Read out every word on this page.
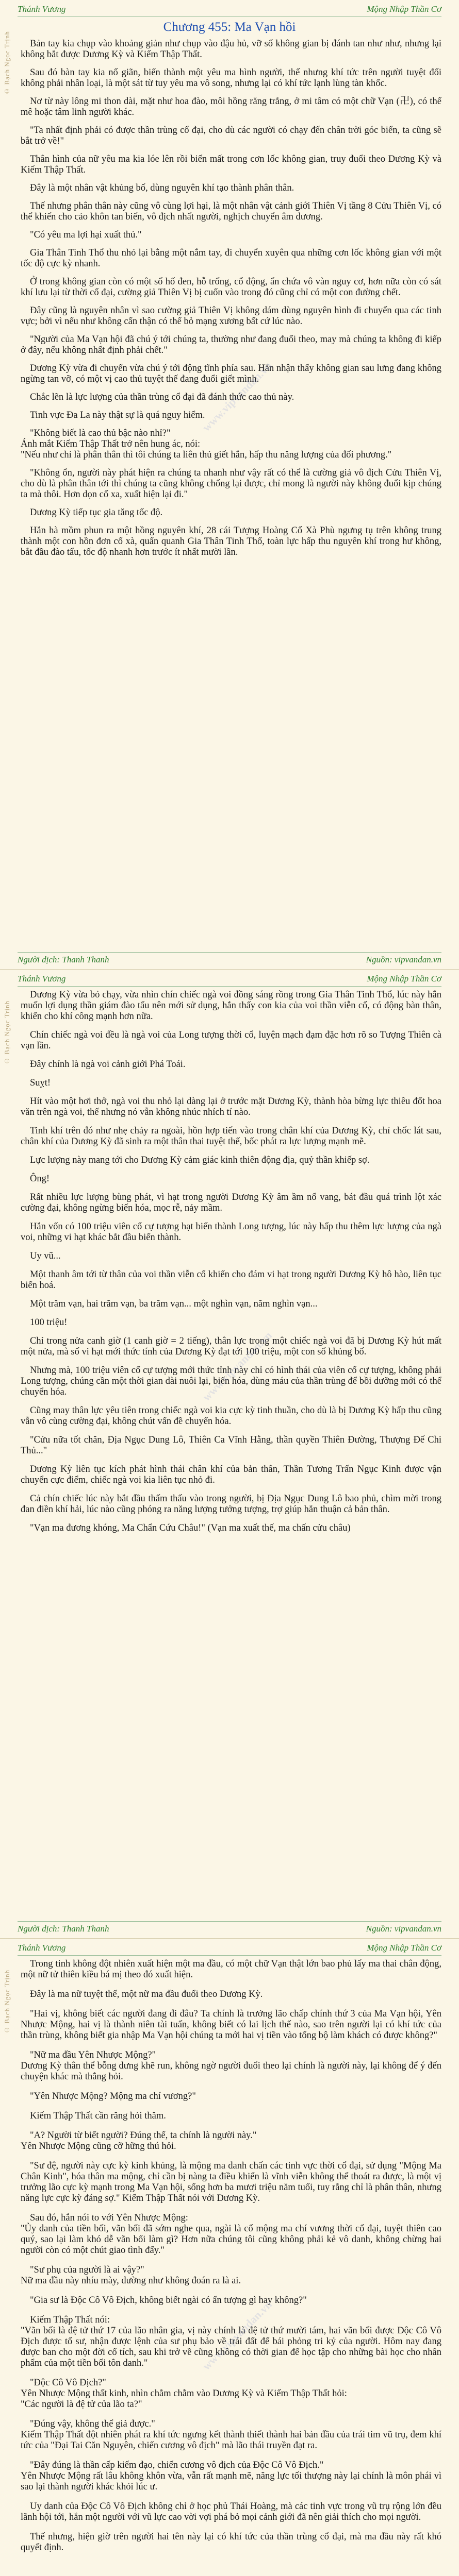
Thánh Vương	Mộng Nhập Thần Cơ
© Bạch Ngọc Trịnh
www.vipvandan.vn
Chương 455: Ma Vạn hồi

Bản tay kia chụp vào khoảng giản như chụp vào đậu hủ, vỡ số không gian bị đánh tan như như, nhưng lại không bắt được Dương Kỳ và Kiếm Thập Thất.

Sau đó bàn tay kia nổ giãn, biến thành một yêu ma hình người, thế nhưng khí tức trên người tuyệt đối không phải nhân loại, là một sát từ tuy yêu ma vô song, nhưng lại có khí tức lạnh lùng tàn khốc.

Nơ từ này lông mi thon dài, mặt như hoa đào, môi hồng răng trắng, ở mi tâm có một chữ Vạn (卍), có thể mê hoặc tâm linh người khác.

"Ta nhất định phải có được thần trùng cổ đại, cho dù các người có chạy đến chân trời góc biển, ta cũng sẽ bắt trở về!"

Thân hình của nữ yêu ma kia lóe lên rồi biến mất trong cơn lốc không gian, truy đuổi theo Dương Kỳ và Kiếm Thập Thất.

Đây là một nhân vật khủng bố, dùng nguyên khí tạo thành phân thân.

Thế nhưng phân thân này cũng vô cùng lợi hại, là một nhân vật cảnh giới Thiên Vị tầng 8 Cửu Thiên Vị, có thể khiến cho cảo khôn tan biến, vô địch nhất người, nghịch chuyển âm dương.

"Có yêu ma lợi hại xuất thủ."

Gia Thân Tinh Thổ thu nhỏ lại bằng một nắm tay, đi chuyển xuyên qua những cơn lốc không gian với một tốc độ cực kỳ nhanh.

Ở trong không gian còn có một số hố đen, hỗ trống, cổ động, ẩn chứa vô vàn nguy cơ, hơn nữa còn có sát khí lưu lại từ thời cổ đại, cường giả Thiên Vị bị cuốn vào trong đó cũng chỉ có một con đường chết.

Đây cũng là nguyên nhân vì sao cường giả Thiên Vị không dám dùng nguyên hình đi chuyển qua các tinh vực; bởi vì nếu như không cẩn thận có thể bỏ mạng xương bất cứ lúc nào.

"Người của Ma Vạn hội đã chú ý tới chúng ta, thường như đang đuổi theo, may mà chúng ta không đi kiếp ở đây, nếu không nhất định phải chết."

Dương Kỳ vừa đi chuyển vừa chú ý tới động tĩnh phía sau. Hắn nhận thấy không gian sau lưng đang không ngừng tan vỡ, có một vị cao thủ tuyệt thế đang đuổi giết mình.

Chắc lẽn là lực lượng của thần trùng cổ đại đã đánh thức cao thủ này.

Tinh vực Đa La này thật sự là quá nguy hiểm.

"Không biết là cao thủ bậc nào nhỉ?"
Ánh mắt Kiếm Thập Thất trở nên hung ác, nói:
"Nếu như chỉ là phân thân thì tôi chúng ta liên thủ giết hắn, hấp thu năng lượng của đối phương."

"Không ổn, người này phát hiện ra chúng ta nhanh như vậy rất có thể là cường giả vô địch Cửu Thiên Vị, cho dù là phân thân tới thì chúng ta cũng không chống lại được, chỉ mong là người này không đuổi kịp chúng ta mà thôi. Hơn dọn cổ xa, xuất hiện lại đi."

Dương Kỳ tiếp tục gia tăng tốc độ.

Hắn hà mồm phun ra một hồng nguyên khí, 28 cái Tượng Hoàng Cổ Xà Phù ngưng tụ trên không trung thành một con hồn đơn cổ xà, quấn quanh Gia Thân Tinh Thổ, toàn lực hấp thu nguyên khí trong hư không, bắt đầu đào tẩu, tốc độ nhanh hơn trước ít nhất mười lần.

Người dịch: Thanh Thanh	Nguồn: vipvandan.vn
Thánh Vương	Mộng Nhập Thần Cơ
© Bạch Ngọc Trịnh
www.vipvandan.vn

Dương Kỳ vừa bỏ chạy, vừa nhìn chín chiếc ngà voi đồng sáng rồng trong Gia Thân Tinh Thổ, lúc này hắn muốn lợi dụng thần giám đào tẩu nên mới sử dụng, hắn thấy con kia của voi thần viễn cổ, có động bàn thân, khiến cho khí công mạnh hơn nữa.

Chín chiếc ngà voi đều là ngà voi của Long tượng thời cổ, luyện mạch đạm đặc hơn rõ so Tượng Thiên cà vạn lần.

Đây chính là ngà voi cảnh giới Phá Toái.

Suỵt!

Hít vào một hơi thở, ngà voi thu nhỏ lại dàng lại ở trước mặt Dương Kỳ, thành hòa bừng lực thiêu đốt hoa văn trên ngà voi, thế nhưng nó vẫn không nhúc nhích tí nào.

Tinh khí trên đó như nhẹ chảy ra ngoài, hồn hợp tiến vào trong chân khí của Dương Kỳ, chỉ chốc lát sau, chân khí của Dương Kỳ đã sinh ra một thân thai tuyệt thế, bốc phát ra lực lượng mạnh mẽ.

Lực lượng này mang tới cho Dương Kỳ cảm giác kinh thiên động địa, quỷ thần khiếp sợ.

Ông!

Rất nhiều lực lượng bùng phát, vì hạt trong người Dương Kỳ âm ầm nổ vang, bát đầu quá trình lột xác cường đại, không ngừng biến hóa, mọc rễ, nảy mầm.

Hắn vốn có 100 triệu viên cổ cự tượng hạt biến thành Long tượng, lúc này hấp thu thêm lực lượng của ngà voi, những vi hạt khác bắt đầu biến thành.

Uy vũ...

Một thanh âm tới từ thân của voi thần viễn cổ khiến cho đám vi hạt trong người Dương Kỳ hô hào, liên tục biến hoá.

Một trăm vạn, hai trăm vạn, ba trăm vạn... một nghìn vạn, năm nghìn vạn...

100 triệu!

Chỉ trong nửa canh giờ (1 canh giờ = 2 tiếng), thân lực trong một chiếc ngà voi đã bị Dương Kỳ hút mất một nửa, mà số vi hạt mới thức tính của Dương Kỳ đạt tới 100 triệu, một con số khủng bố.

Nhưng mà, 100 triệu viên cổ cự tượng mới thức tỉnh này chỉ có hình thái của viên cổ cự tượng, không phải Long tượng, chúng cần một thời gian dài nuôi lại, biến hóa, dùng máu của thần trùng để bồi dưỡng mới có thể chuyển hóa.

Cũng may thân lực yêu tiên trong chiếc ngà voi kia cực kỳ tinh thuần, cho dù là bị Dương Kỳ hấp thu cũng vẫn vô cùng cường đại, không chút vấn đề chuyển hóa.

"Cửu nữa tốt chăn, Địa Ngục Dung Lô, Thiên Ca Vĩnh Hằng, thần quyền Thiên Đường, Thượng Đế Chi Thủ..."

Dương Kỳ liên tục kích phát hình thái chân khí của bản thân, Thần Tương Trấn Ngục Kinh được vận chuyển cực điểm, chiếc ngà voi kia liên tục nhỏ đi.

Cả chín chiếc lúc này bắt đầu thấm thấu vào trong người, bị Địa Ngục Dung Lô bao phủ, chìm mời trong đan điền khí hải, lúc nào cũng phóng ra năng lượng tưởng tượng, trợ giúp hắn thuận cả bản thân.

"Vạn ma đương khóng, Ma Chẩn Cứu Châu!" (Vạn ma xuất thế, ma chấn cửu châu)

Người dịch: Thanh Thanh	Nguồn: vipvandan.vn
Thánh Vương	Mộng Nhập Thần Cơ
© Bạch Ngọc Trịnh
www.vipvandan.vn

Trong tinh không đột nhiên xuất hiện một ma đầu, có một chữ Vạn thật lớn bao phủ lấy ma thai chân động, một nữ tử thiên kiều bá mị theo đó xuất hiện.

Đây là ma nữ tuyệt thế, một nữ ma đầu đuổi theo Dương Kỳ.

"Hai vị, không biết các người đang đi đâu? Ta chính là trưởng lão chấp chính thứ 3 của Ma Vạn hội, Yên Nhược Mộng, hai vị là thành niên tài tuấn, không biết có lai lịch thế nào, sao trên người lại có khí tức của thần trùng, không biết gia nhập Ma Vạn hội chúng ta mới hai vị tiền vào tổng bộ làm khách có được không?"

"Nữ ma đầu Yên Nhược Mộng?"
Dương Kỳ thân thể bỗng dưng khẽ run, không ngờ người đuổi theo lại chính là người này, lại không để ý đến chuyện khác mà thẳng hỏi.

"Yên Nhược Mộng? Mộng ma chí vương?"

Kiếm Thập Thất cần răng hỏi thăm.

"A? Người từ biết người? Đúng thế, ta chính là người này."
Yên Nhược Mộng cũng cỡ hững thú hỏi.

"Sư đệ, người này cực kỳ kinh khủng, là mộng ma danh chấn các tinh vực thời cổ đại, sử dụng "Mộng Ma Chân Kinh", hóa thân ma mộng, chỉ cần bị nàng ta điều khiển là vĩnh viễn không thể thoát ra được, là một vị trưởng lão cực kỳ mạnh trong Ma Vạn hội, sống hơn ba mươi triệu năm tuổi, tuy rằng chỉ là phân thân, nhưng năng lực cực kỳ đáng sợ." Kiếm Thập Thất nói với Dương Kỳ.

Sau đó, hắn nói to với Yên Nhược Mộng:
"Ủy danh của tiền bối, vãn bối đã sớm nghe qua, ngài là cổ mộng ma chí vương thời cổ đại, tuyệt thiên cao quý, sao lại làm khó dễ vãn bối làm gì? Hơn nữa chúng tôi cũng không phải kẻ vô danh, không chừng hai người còn có một chút giao tình đấy."

"Sư phụ của người là ai vậy?"
Nữ ma đầu này nhíu mày, dường như không đoán ra là ai.

"Gia sư là Độc Cô Vô Địch, không biết ngài có ấn tượng gì hay không?"

Kiếm Thập Thất nói:
"Vãn bối là đệ tử thứ 17 của lão nhân gia, vị này chính là đệ tử thứ mười tám, hai vãn bối được Độc Cô Vô Địch được tổ sư, nhận được lệnh của sư phụ bảo về trái đất để bái phỏng tri kỷ của người. Hôm nay đang được ban cho một đời cổ tích, sau khi trở về cũng không có thời gian để học tập cho những bài học cho nhân phẩm của một tiền bối tôn danh."

"Độc Cô Vô Địch?"
Yên Nhược Mộng thất kinh, nhìn chằm chằm vào Dương Kỳ và Kiếm Thập Thất hỏi:
"Các người là đệ tử của lão ta?"

"Đúng vậy, không thể giả được."
Kiếm Thập Thất đột nhiên phát ra khí tức ngưng kết thành thiết thành hai bản đầu của trái tim vũ trụ, đem khí tức của "Đại Tai Căn Nguyên, chiến cương vô địch" mà lão thái truyền đạt ra.

"Đây đúng là thần cấp kiếm đạo, chiến cương vô địch của Độc Cô Vô Địch."
Yên Nhược Mộng rất lâu không khôn vừa, vẫn rất mạnh mẽ, năng lực tối thượng này lại chính là môn phái vì sao lại thành người khác khỏi lúc ư.

Uy danh của Độc Cô Vô Địch không chỉ ở học phủ Thái Hoàng, mà các tinh vực trong vũ trụ rộng lớn đều lãnh hội tới, hắn một người với vũ lực cao vời vợi phá bỏ mọi cảnh giới đã nên giải thích cho mọi người.

Thế nhưng, hiện giờ trên người hai tên này lại có khí tức của thần trùng cổ đại, mà ma đầu này rất khó quyết định.
